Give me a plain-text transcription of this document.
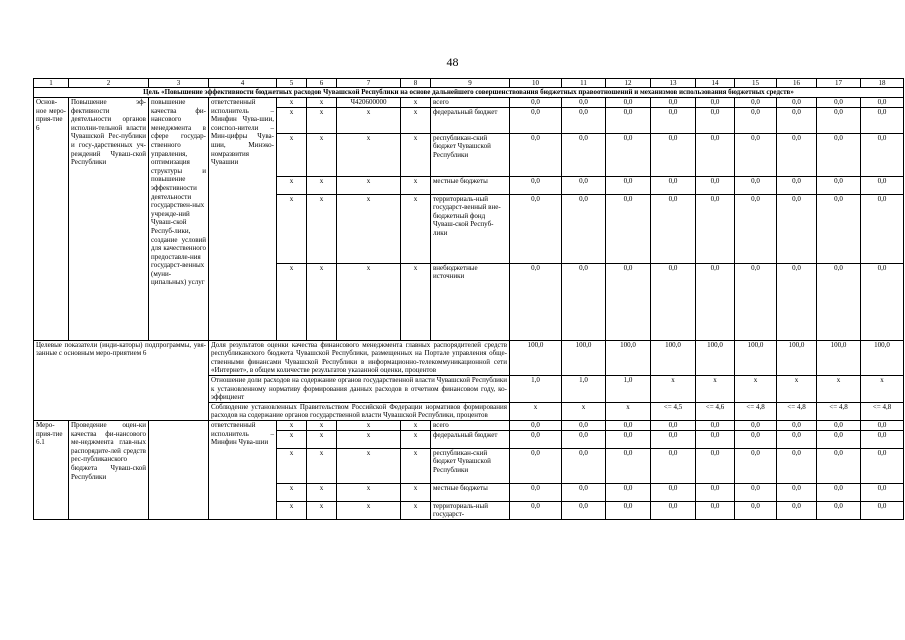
48
1	2	3	4	5	6	7	8	9	10	11	12	13	14	15	16	17	18
Цель «Повышение эффективности бюджетных расходов Чувашской Республики на основе дальнейшего совершенствования бюджетных правоотношений и механизмов использования бюджетных средств»																	
Основ-ное меро-прия-тие 6	Повышение эф-фективности деятельности органов исполни-тельной власти Чувашской Рес-публики и госу-дарственных уч-реждений Чуваш-ской Республики	повышение качества фи-нансового менеджмента в сфере государ-ственного управления, оптимизация структуры и повышение эффективности деятельности государствен-ных учрежде-ний Чуваш-ской Респуб-лики, создание условий для качественного предоставле-ния государст-венных (муни-ципальных) услуг	ответственный исполнитель – Минфин Чува-шии, соиспол-нители – Мин-цифры Чува-шии, Минэко-номразвития Чувашии	x	x	Ч420600000	x	всего	0,0	0,0	0,0	0,0	0,0	0,0	0,0	0,0	0,0
				x	x	x	x	федеральный бюджет	0,0	0,0	0,0	0,0	0,0	0,0	0,0	0,0	0,0
				x	x	x	x	республикан-ский бюджет Чувашской Республики	0,0	0,0	0,0	0,0	0,0	0,0	0,0	0,0	0,0
				x	x	x	x	местные бюджеты	0,0	0,0	0,0	0,0	0,0	0,0	0,0	0,0	0,0
				x	x	x	x	территориаль-ный государст-венный вне-бюджетный фонд Чуваш-ской Респуб-лики	0,0	0,0	0,0	0,0	0,0	0,0	0,0	0,0	0,0
				x	x	x	x	внебюджетные источники	0,0	0,0	0,0	0,0	0,0	0,0	0,0	0,0	0,0
Целевые показатели (инди-каторы) подпрограммы, увя-занные с основным меро-приятием 6			Доля результатов оценки качества финансового менеджмента главных распорядителей средств республиканского бюджета Чувашской Республики, размещенных на Портале управления обще-ственными финансами Чувашской Республики в информационно-телекоммуникационной сети «Интернет», в общем количестве результатов указанной оценки, процентов						100,0	100,0	100,0	100,0	100,0	100,0	100,0	100,0	100,0
			Отношение доли расходов на содержание органов государственной власти Чувашской Республики к установленному нормативу формирования данных расходов в отчетном финансовом году, ко-эффициент						1,0	1,0	1,0	x	x	x	x	x	x
			Соблюдение установленных Правительством Российской Федерации нормативов формирования расходов на содержание органов государственной власти Чувашской Республики, процентов						x	x	x	<= 4,5	<= 4,6	<= 4,8	<= 4,8	<= 4,8	<= 4,8
Меро-прия-тие 6.1	Проведение оцен-ки качества фи-нансового ме-неджмента глав-ных распорядите-лей средств рес-публиканского бюджета Чуваш-ской Республики		ответственный исполнитель – Минфин Чува-шии	x	x	x	x	всего	0,0	0,0	0,0	0,0	0,0	0,0	0,0	0,0	0,0
				x	x	x	x	федеральный бюджет	0,0	0,0	0,0	0,0	0,0	0,0	0,0	0,0	0,0
				x	x	x	x	республикан-ский бюджет Чувашской Республики	0,0	0,0	0,0	0,0	0,0	0,0	0,0	0,0	0,0
				x	x	x	x	местные бюджеты	0,0	0,0	0,0	0,0	0,0	0,0	0,0	0,0	0,0
				x	x	x	x	территориаль-ный государст-	0,0	0,0	0,0	0,0	0,0	0,0	0,0	0,0	0,0
